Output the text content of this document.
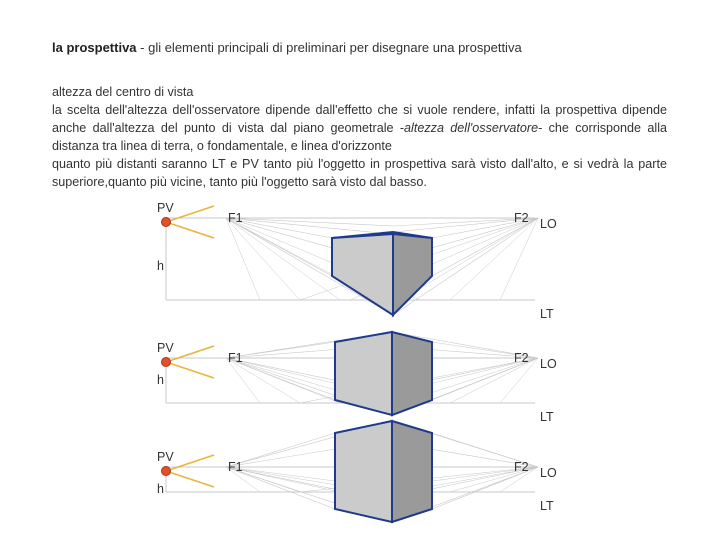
la prospettiva - gli elementi principali di preliminari per disegnare una prospettiva

altezza del centro di vista

la scelta dell'altezza dell'osservatore dipende dall'effetto che si vuole rendere, infatti la prospettiva dipende anche dall'altezza del punto di vista dal piano geometrale -altezza dell'osservatore- che corrisponde alla distanza tra linea di terra, o fondamentale, e linea d'orizzonte

quanto più distanti saranno LT e PV tanto più l'oggetto in prospettiva sarà visto dall'alto, e si vedrà la parte superiore,quanto più vicine, tanto più l'oggetto sarà visto dal basso.

PV
h
F1	F2 LO
LT
PV
h
F1	F2 LO
LT
PV
h
F1	F2 LO
LT
